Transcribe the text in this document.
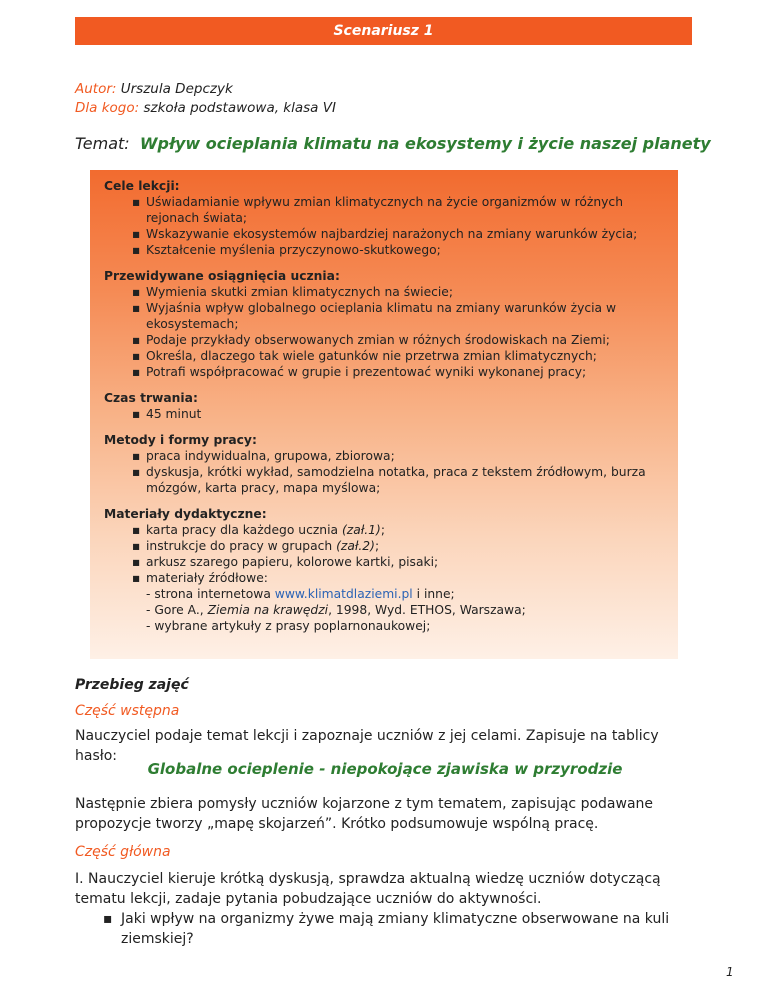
Scenariusz 1
Autor: Urszula Depczyk
Dla kogo: szkoła podstawowa, klasa VI
Temat: Wpływ ocieplania klimatu na ekosystemy i życie naszej planety
Cele lekcji:
▪ Uświadamianie wpływu zmian klimatycznych na życie organizmów w różnych rejonach świata;
▪ Wskazywanie ekosystemów najbardziej narażonych na zmiany warunków życia;
▪ Kształcenie myślenia przyczynowo-skutkowego;
Przewidywane osiągnięcia ucznia:
▪ Wymienia skutki zmian klimatycznych na świecie;
▪ Wyjaśnia wpływ globalnego ocieplania klimatu na zmiany warunków życia w ekosystemach;
▪ Podaje przykłady obserwowanych zmian w różnych środowiskach na Ziemi;
▪ Określa, dlaczego tak wiele gatunków nie przetrwa zmian klimatycznych;
▪ Potrafi współpracować w grupie i prezentować wyniki wykonanej pracy;
Czas trwania:
▪ 45 minut
Metody i formy pracy:
▪ praca indywidualna, grupowa, zbiorowa;
▪ dyskusja, krótki wykład, samodzielna notatka, praca z tekstem źródłowym, burza mózgów, karta pracy, mapa myślowa;
Materiały dydaktyczne:
▪ karta pracy dla każdego ucznia (zał.1);
▪ instrukcje do pracy w grupach (zał.2);
▪ arkusz szarego papieru, kolorowe kartki, pisaki;
▪ materiały źródłowe:
- strona internetowa www.klimatdlaziemi.pl i inne;
- Gore A., Ziemia na krawędzi, 1998, Wyd. ETHOS, Warszawa;
- wybrane artykuły z prasy poplarnonaukowej;
Przebieg zajęć
Część wstępna
Nauczyciel podaje temat lekcji i zapoznaje uczniów z jej celami. Zapisuje na tablicy hasło:
Globalne ocieplenie - niepokojące zjawiska w przyrodzie
Następnie zbiera pomysły uczniów kojarzone z tym tematem, zapisując podawane propozycje tworzy „mapę skojarzeń”. Krótko podsumowuje wspólną pracę.
Część główna
I. Nauczyciel kieruje krótką dyskusją, sprawdza aktualną wiedzę uczniów dotyczącą tematu lekcji, zadaje pytania pobudzające uczniów do aktywności.
▪ Jaki wpływ na organizmy żywe mają zmiany klimatyczne obserwowane na kuli ziemskiej?
1
